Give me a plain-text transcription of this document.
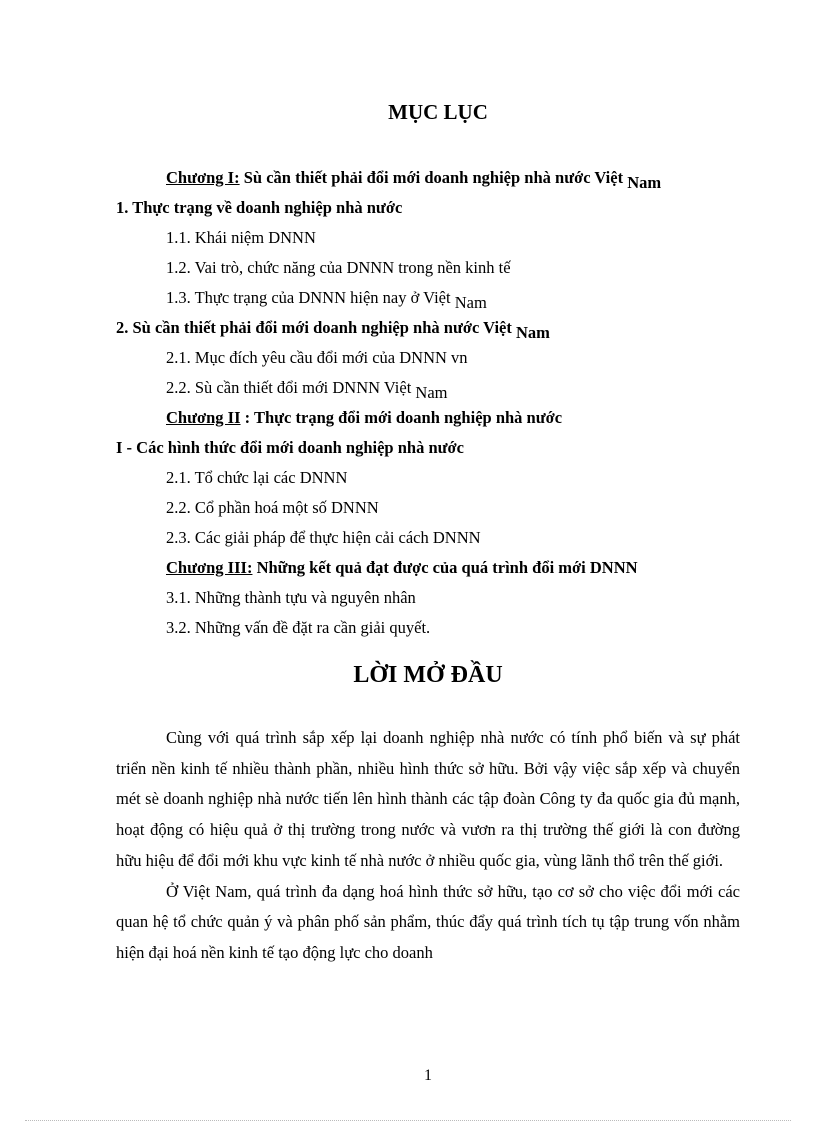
MỤC LỤC
Chương I: Sù cần thiết phải đổi mới doanh nghiệp nhà nước Việt Nam
1. Thực trạng về doanh nghiệp nhà nước
1.1. Khái niệm DNNN
1.2. Vai trò, chức năng của DNNN trong nền kinh tế
1.3. Thực trạng của DNNN hiện nay ở Việt Nam
2. Sù cần thiết phải đổi mới doanh nghiệp nhà nước Việt Nam
2.1. Mục đích yêu cầu đổi mới của DNNN vn
2.2. Sù cần thiết đổi mới DNNN Việt Nam
Chương II : Thực trạng đổi mới doanh nghiệp nhà nước
I - Các hình thức đổi mới doanh nghiệp nhà nước
2.1. Tổ chức lại các DNNN
2.2. Cổ phần hoá một số DNNN
2.3. Các giải pháp để thực hiện cải cách DNNN
Chương III: Những kết quả đạt được của quá trình đổi mới DNNN
3.1. Những thành tựu và nguyên nhân
3.2. Những vấn đề đặt ra cần giải quyết.
LỜI MỞ ĐẦU

Cùng với quá trình sắp xếp lại doanh nghiệp nhà nước có tính phổ biến và sự phát triển nền kinh tế nhiều thành phần, nhiều hình thức sở hữu. Bởi vậy việc sắp xếp và chuyển mét sè doanh nghiệp nhà nước tiến lên hình thành các tập đoàn Công ty đa quốc gia đủ mạnh, hoạt động có hiệu quả ở thị trường trong nước và vươn ra thị trường thế giới là con đường hữu hiệu để đổi mới khu vực kinh tế nhà nước ở nhiều quốc gia, vùng lãnh thổ trên thế giới.

Ở Việt Nam, quá trình đa dạng hoá hình thức sở hữu, tạo cơ sở cho việc đổi mới các quan hệ tổ chức quản ý và phân phố sản phẩm, thúc đẩy quá trình tích tụ tập trung vốn nhằm hiện đại hoá nền kinh tế tạo động lực cho doanh

1
